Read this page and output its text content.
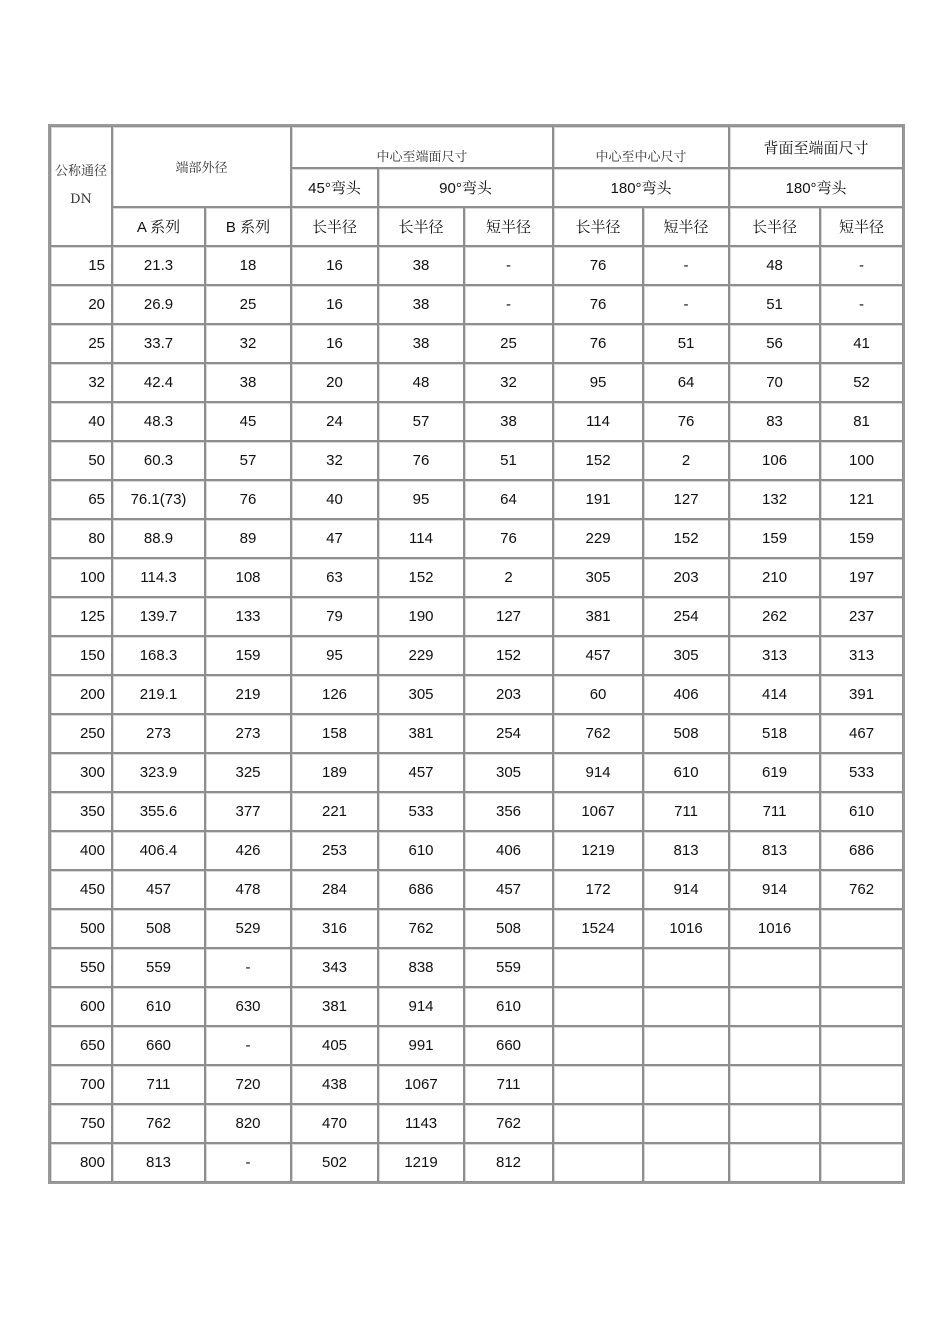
公称通径
DN	端部外径		中心至端面尺寸			中心至中心尺寸		背面至端面尺寸	
			45°弯头	90°弯头		180°弯头		180°弯头	
	A 系列	B 系列	长半径	长半径	短半径	长半径	短半径	长半径	短半径
15	21.3	18	16	38	-	76	-	48	-
20	26.9	25	16	38	-	76	-	51	-
25	33.7	32	16	38	25	76	51	56	41
32	42.4	38	20	48	32	95	64	70	52
40	48.3	45	24	57	38	114	76	83	81
50	60.3	57	32	76	51	152	2	106	100
65	76.1(73)	76	40	95	64	191	127	132	121
80	88.9	89	47	114	76	229	152	159	159
100	114.3	108	63	152	2	305	203	210	197
125	139.7	133	79	190	127	381	254	262	237
150	168.3	159	95	229	152	457	305	313	313
200	219.1	219	126	305	203	60	406	414	391
250	273	273	158	381	254	762	508	518	467
300	323.9	325	189	457	305	914	610	619	533
350	355.6	377	221	533	356	1067	711	711	610
400	406.4	426	253	610	406	1219	813	813	686
450	457	478	284	686	457	172	914	914	762
500	508	529	316	762	508	1524	1016	1016	
550	559	-	343	838	559				
600	610	630	381	914	610				
650	660	-	405	991	660				
700	711	720	438	1067	711				
750	762	820	470	1143	762				
800	813	-	502	1219	812				
